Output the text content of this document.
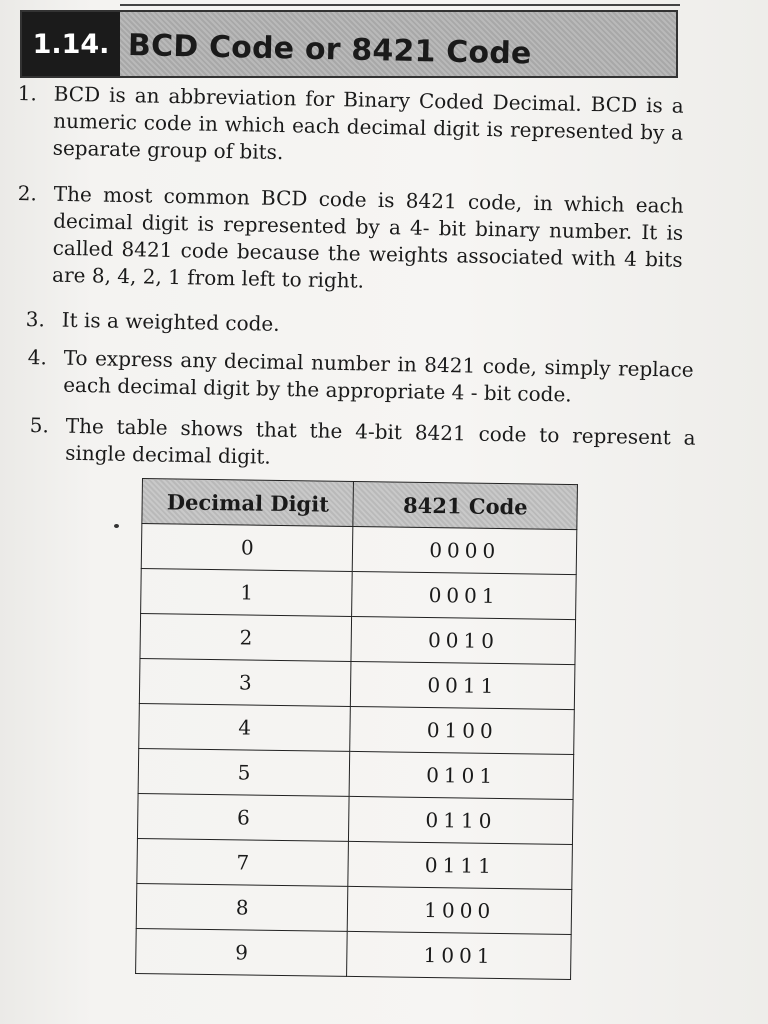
1.14. BCD Code or 8421 Code
1. BCD is an abbreviation for Binary Coded Decimal. BCD is a numeric code in which each decimal digit is represented by a separate group of bits.
2. The most common BCD code is 8421 code, in which each decimal digit is represented by a 4- bit binary number. It is called 8421 code because the weights associated with 4 bits are 8, 4, 2, 1 from left to right.
3. It is a weighted code.
4. To express any decimal number in 8421 code, simply replace each decimal digit by the appropriate 4 - bit code.
5. The table shows that the 4-bit 8421 code to represent a single decimal digit.
Decimal Digit	8421 Code
0	0000
1	0001
2	0010
3	0011
4	0100
5	0101
6	0110
7	0111
8	1000
9	1001
